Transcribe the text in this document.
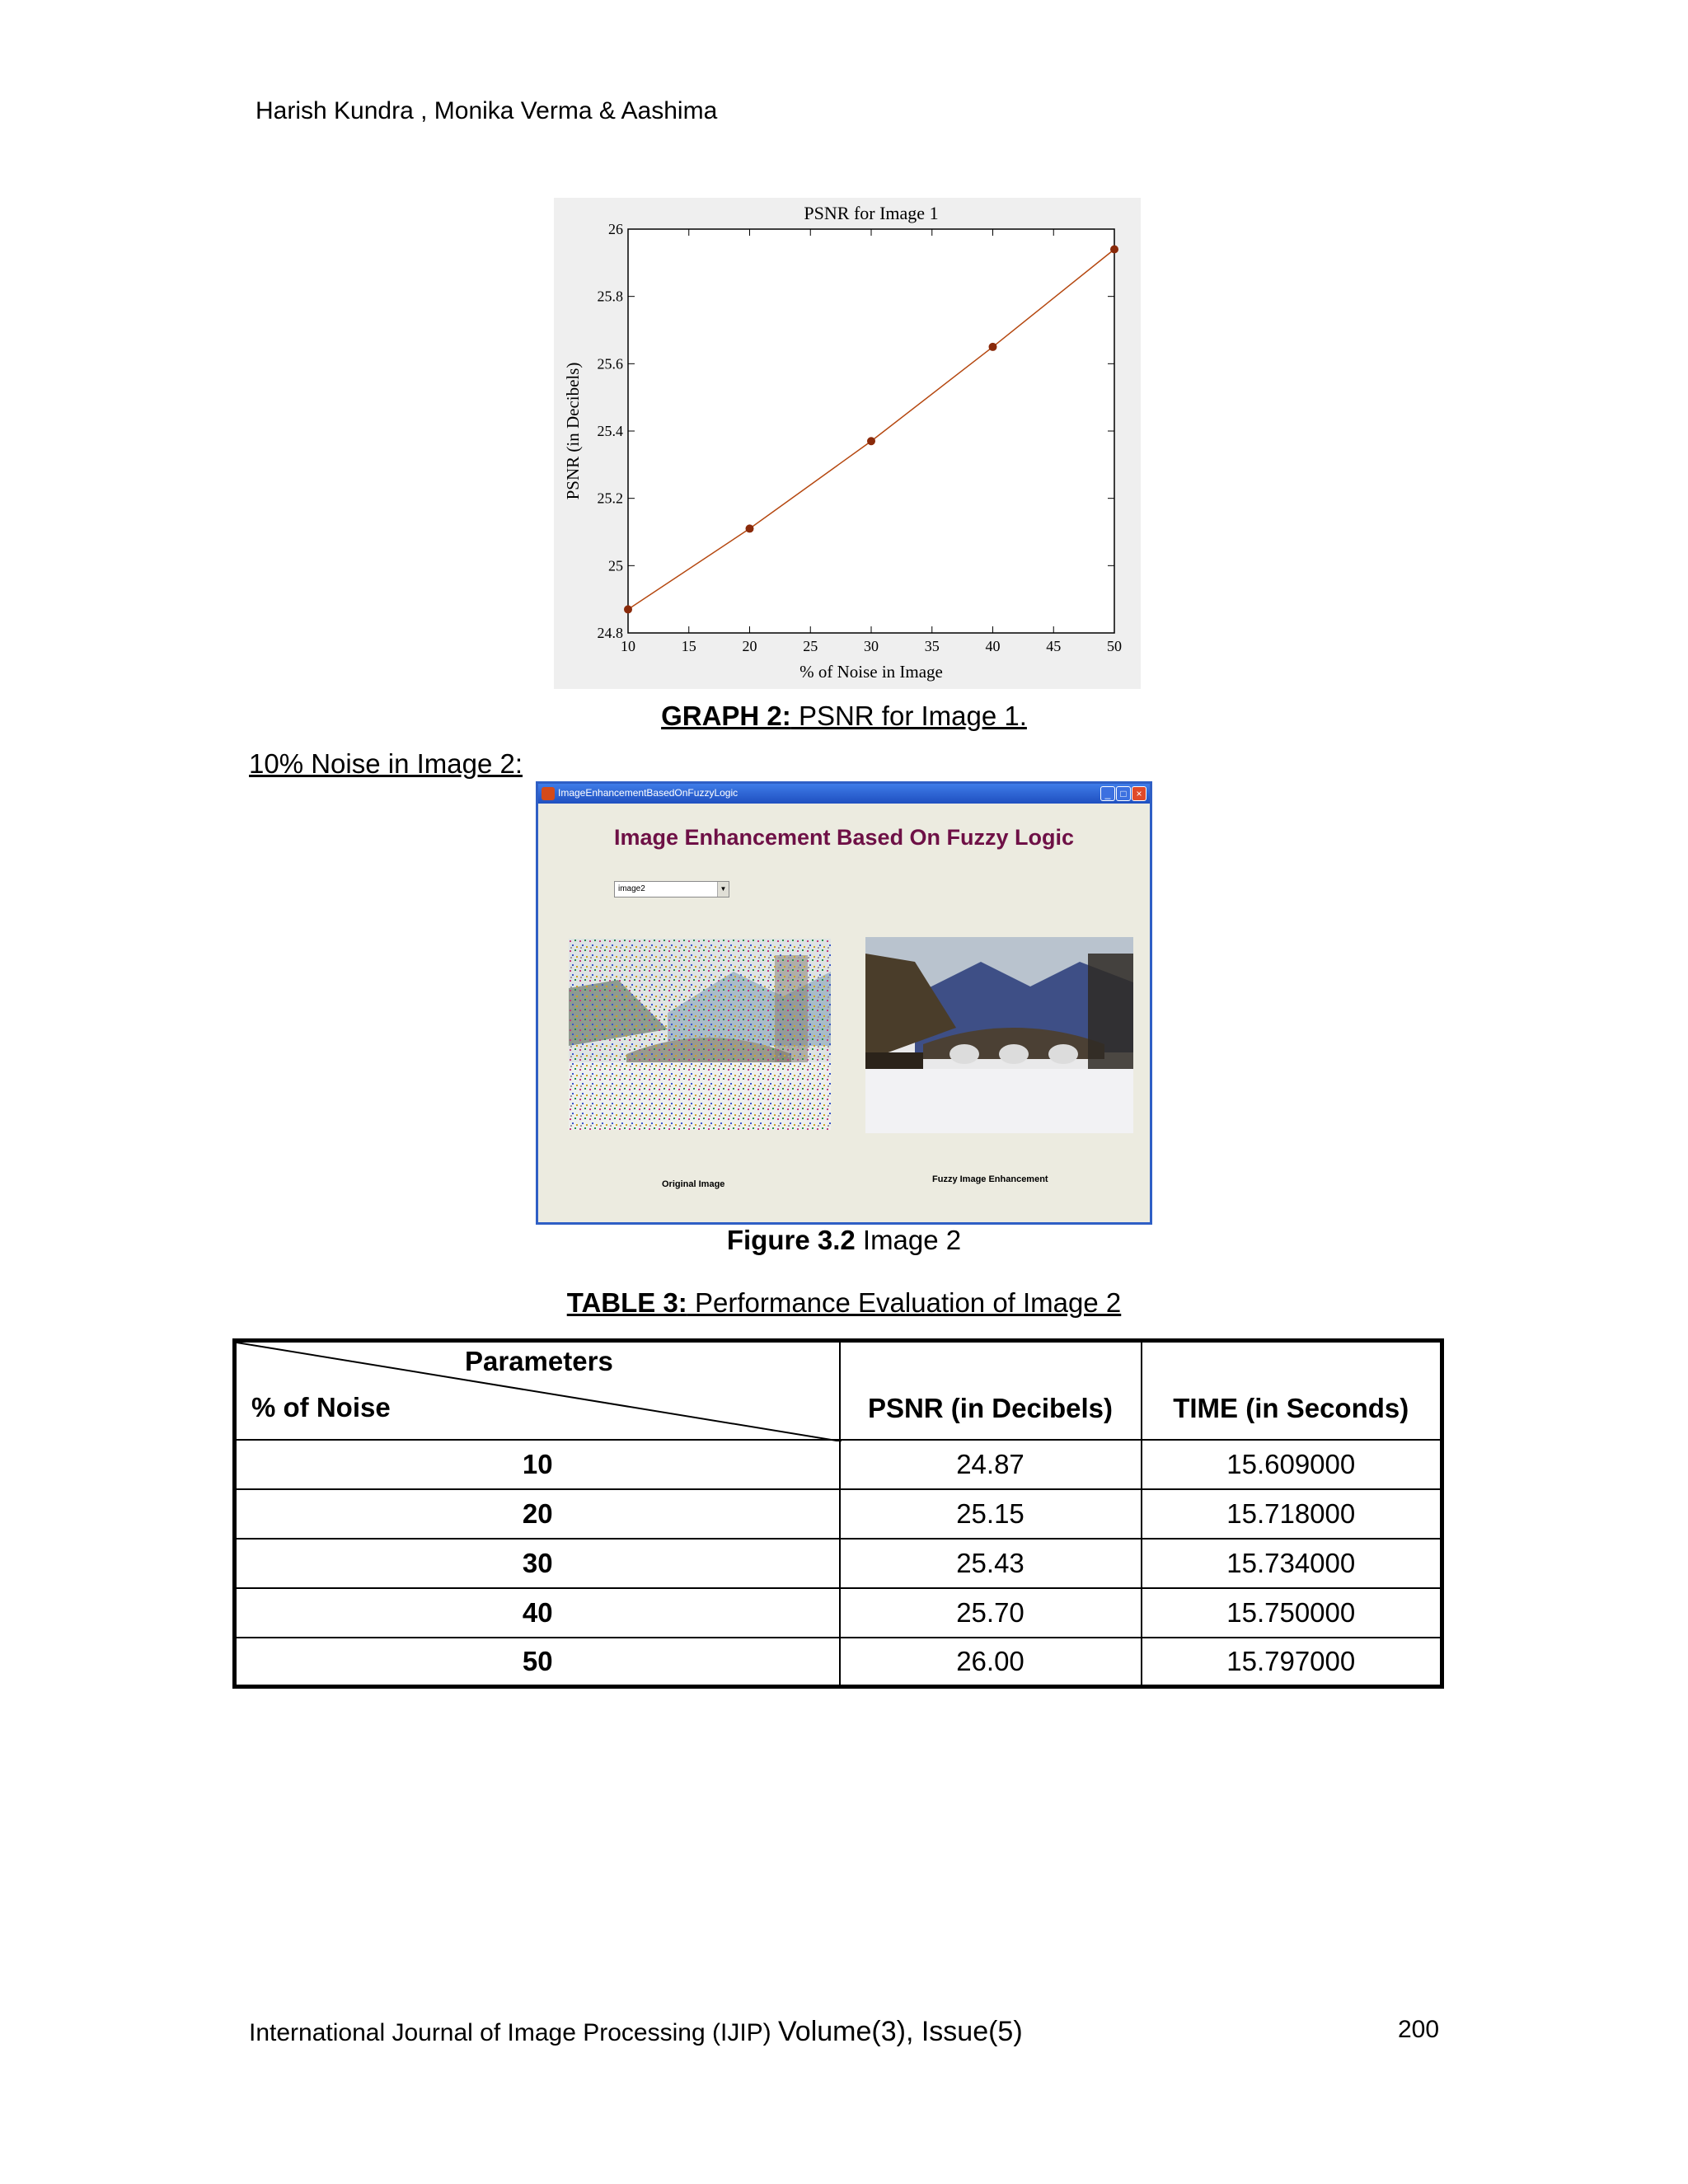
Harish Kundra , Monika Verma & Aashima
PSNR for Image 1
% of Noise in Image
PSNR (in Decibels)
10	15	20	25	30	35	40	45	50
24.8
25
25.2
25.4
25.6
25.8
26
GRAPH 2: PSNR for Image 1.
10% Noise in Image 2:
ImageEnhancementBasedOnFuzzyLogic	_	□ ×
Image Enhancement Based On Fuzzy Logic
image2	▼
Original Image	Fuzzy Image Enhancement
Figure 3.2 Image 2
TABLE 3: Performance Evaluation of Image 2
Parameters
% of Noise	PSNR (in Decibels)	TIME (in Seconds)
10	24.87	15.609000
20	25.15	15.718000
30	25.43	15.734000
40	25.70	15.750000
50	26.00	15.797000
International Journal of Image Processing (IJIP) Volume(3), Issue(5)	200
